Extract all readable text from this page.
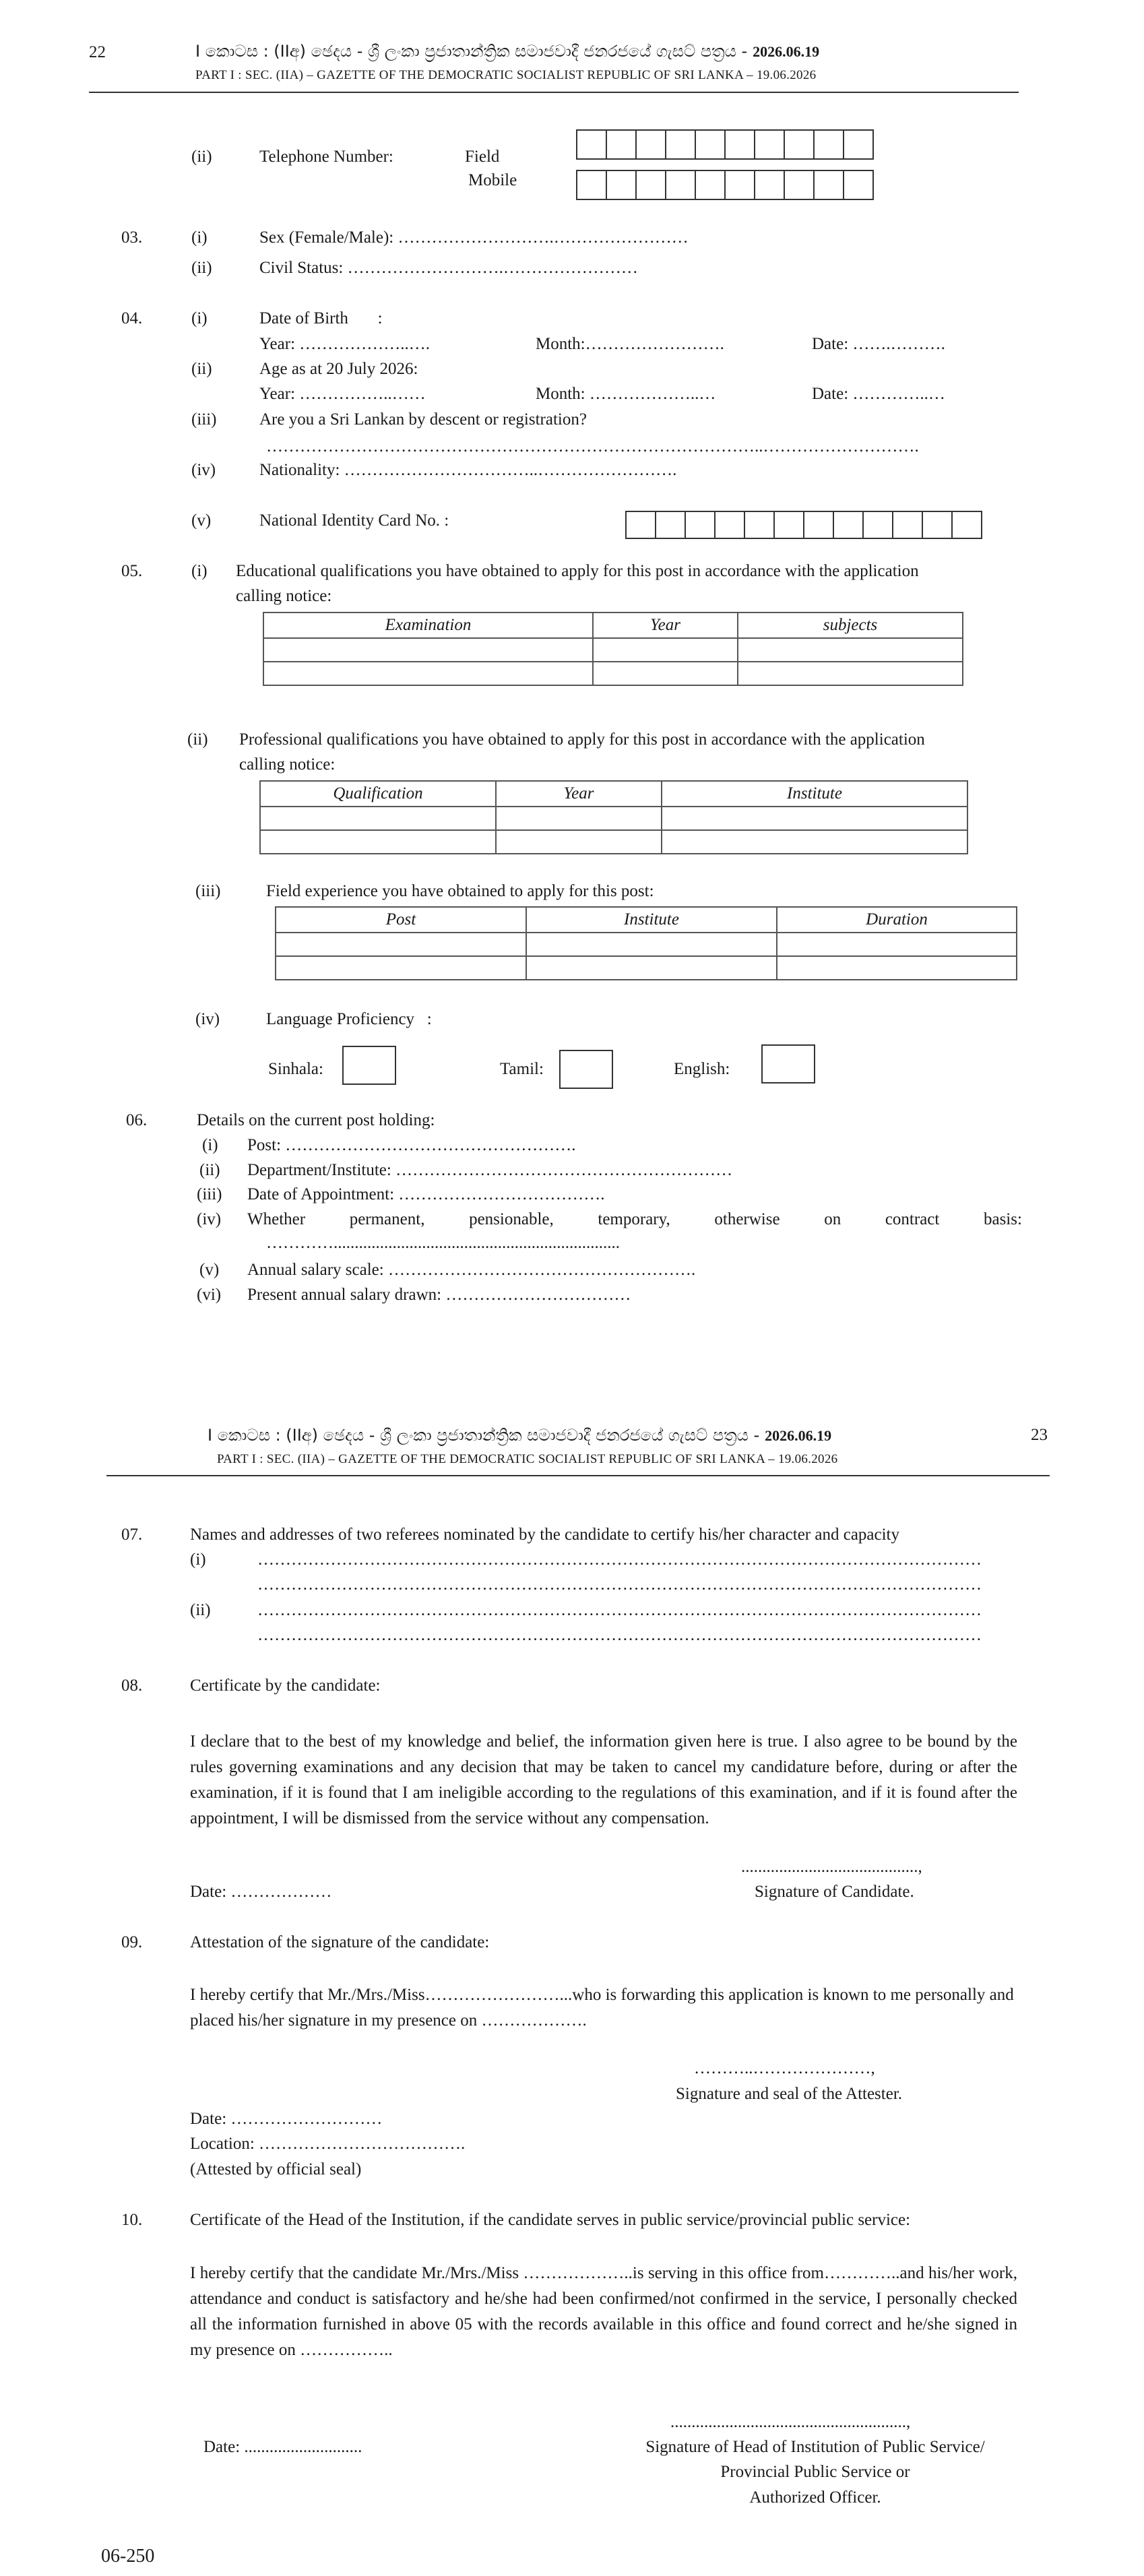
22	I කොටස : (IIඅ) ඡෙදය - ශ්‍රී ලංකා ප්‍රජාතාන්ත්‍රික සමාජවාදී ජනරජයේ ගැසට් පත්‍රය - 2026.06.19
PART I : SEC. (IIA) – GAZETTE OF THE DEMOCRATIC SOCIALIST REPUBLIC OF SRI LANKA – 19.06.2026
(ii)	Telephone Number:	Field
Mobile
03.	(i)	Sex (Female/Male): ……………………….……………………
(ii)	Civil Status: ……………………….……………………
04.	(i)	Date of Birth       :
Year: ………………..….	Month:…………………….	Date: …….……….
(ii)	Age as at 20 July 2026:
Year: ……………..……	Month: ………………..…	Date: …………..…
(iii)	Are you a Sri Lankan by descent or registration?
……………………………………………………………………………..……………………….
(iv)	Nationality: ……………………………..…………………….
(v)	National Identity Card No. :
05.	(i) Educational qualifications you have obtained to apply for this post in accordance with the application
calling notice:
Examination	Year	subjects

(ii) Professional qualifications you have obtained to apply for this post in accordance with the application
calling notice:
Qualification	Year	Institute

(iii)	Field experience you have obtained to apply for this post:
Post	Institute	Duration

(iv)	Language Proficiency   :
Sinhala:	Tamil:	English:
06.	Details on the current post holding:
(i) Post: …………………………………………….
(ii) Department/Institute: ……………………………………………………
(iii) Date of Appointment: ……………………………….
(iv) Whether	permanent,	pensionable,	temporary,	otherwise	on	contract	basis:
…………....................................................................
(v) Annual salary scale: ……………………………………………….
(vi) Present annual salary drawn: ……………………………
I කොටස : (IIඅ) ඡෙදය - ශ්‍රී ලංකා ප්‍රජාතාන්ත්‍රික සමාජවාදී ජනරජයේ ගැසට් පත්‍රය - 2026.06.19	23
PART I : SEC. (IIA) – GAZETTE OF THE DEMOCRATIC SOCIALIST REPUBLIC OF SRI LANKA – 19.06.2026
07.	Names and addresses of two referees nominated by the candidate to certify his/her character and capacity
(i)	…………………………………………………………………………………………………………………
…………………………………………………………………………………………………………………
(ii)	…………………………………………………………………………………………………………………
…………………………………………………………………………………………………………………
08.	Certificate by the candidate:
I declare that to the best of my knowledge and belief, the information given here is true. I also agree to be bound by the rules governing examinations and any decision that may be taken to cancel my candidature before, during or after the examination, if it is found that I am ineligible according to the regulations of this examination, and if it is found after the appointment, I will be dismissed from the service without any compensation.
..........................................,
Date: ………………	Signature of Candidate.
09.	Attestation of the signature of the candidate:
I hereby certify that Mr./Mrs./Miss……………………...who is forwarding this application is known to me personally and placed his/her signature in my presence on ……………….
………..…………………,
Signature and seal of the Attester.
Date: ………………………
Location: ……………………………….
(Attested by official seal)
10.	Certificate of the Head of the Institution, if the candidate serves in public service/provincial public service:
I hereby certify that the candidate Mr./Mrs./Miss ………………..is serving in this office from…………..and his/her work, attendance and conduct is satisfactory and he/she had been confirmed/not confirmed in the service, I personally checked all the information furnished in above 05 with the records available in this office and found correct and he/she signed in my presence on ……………..
........................................................,
Date: ............................	Signature of Head of Institution of Public Service/
Provincial Public Service or
Authorized Officer.
06-250
